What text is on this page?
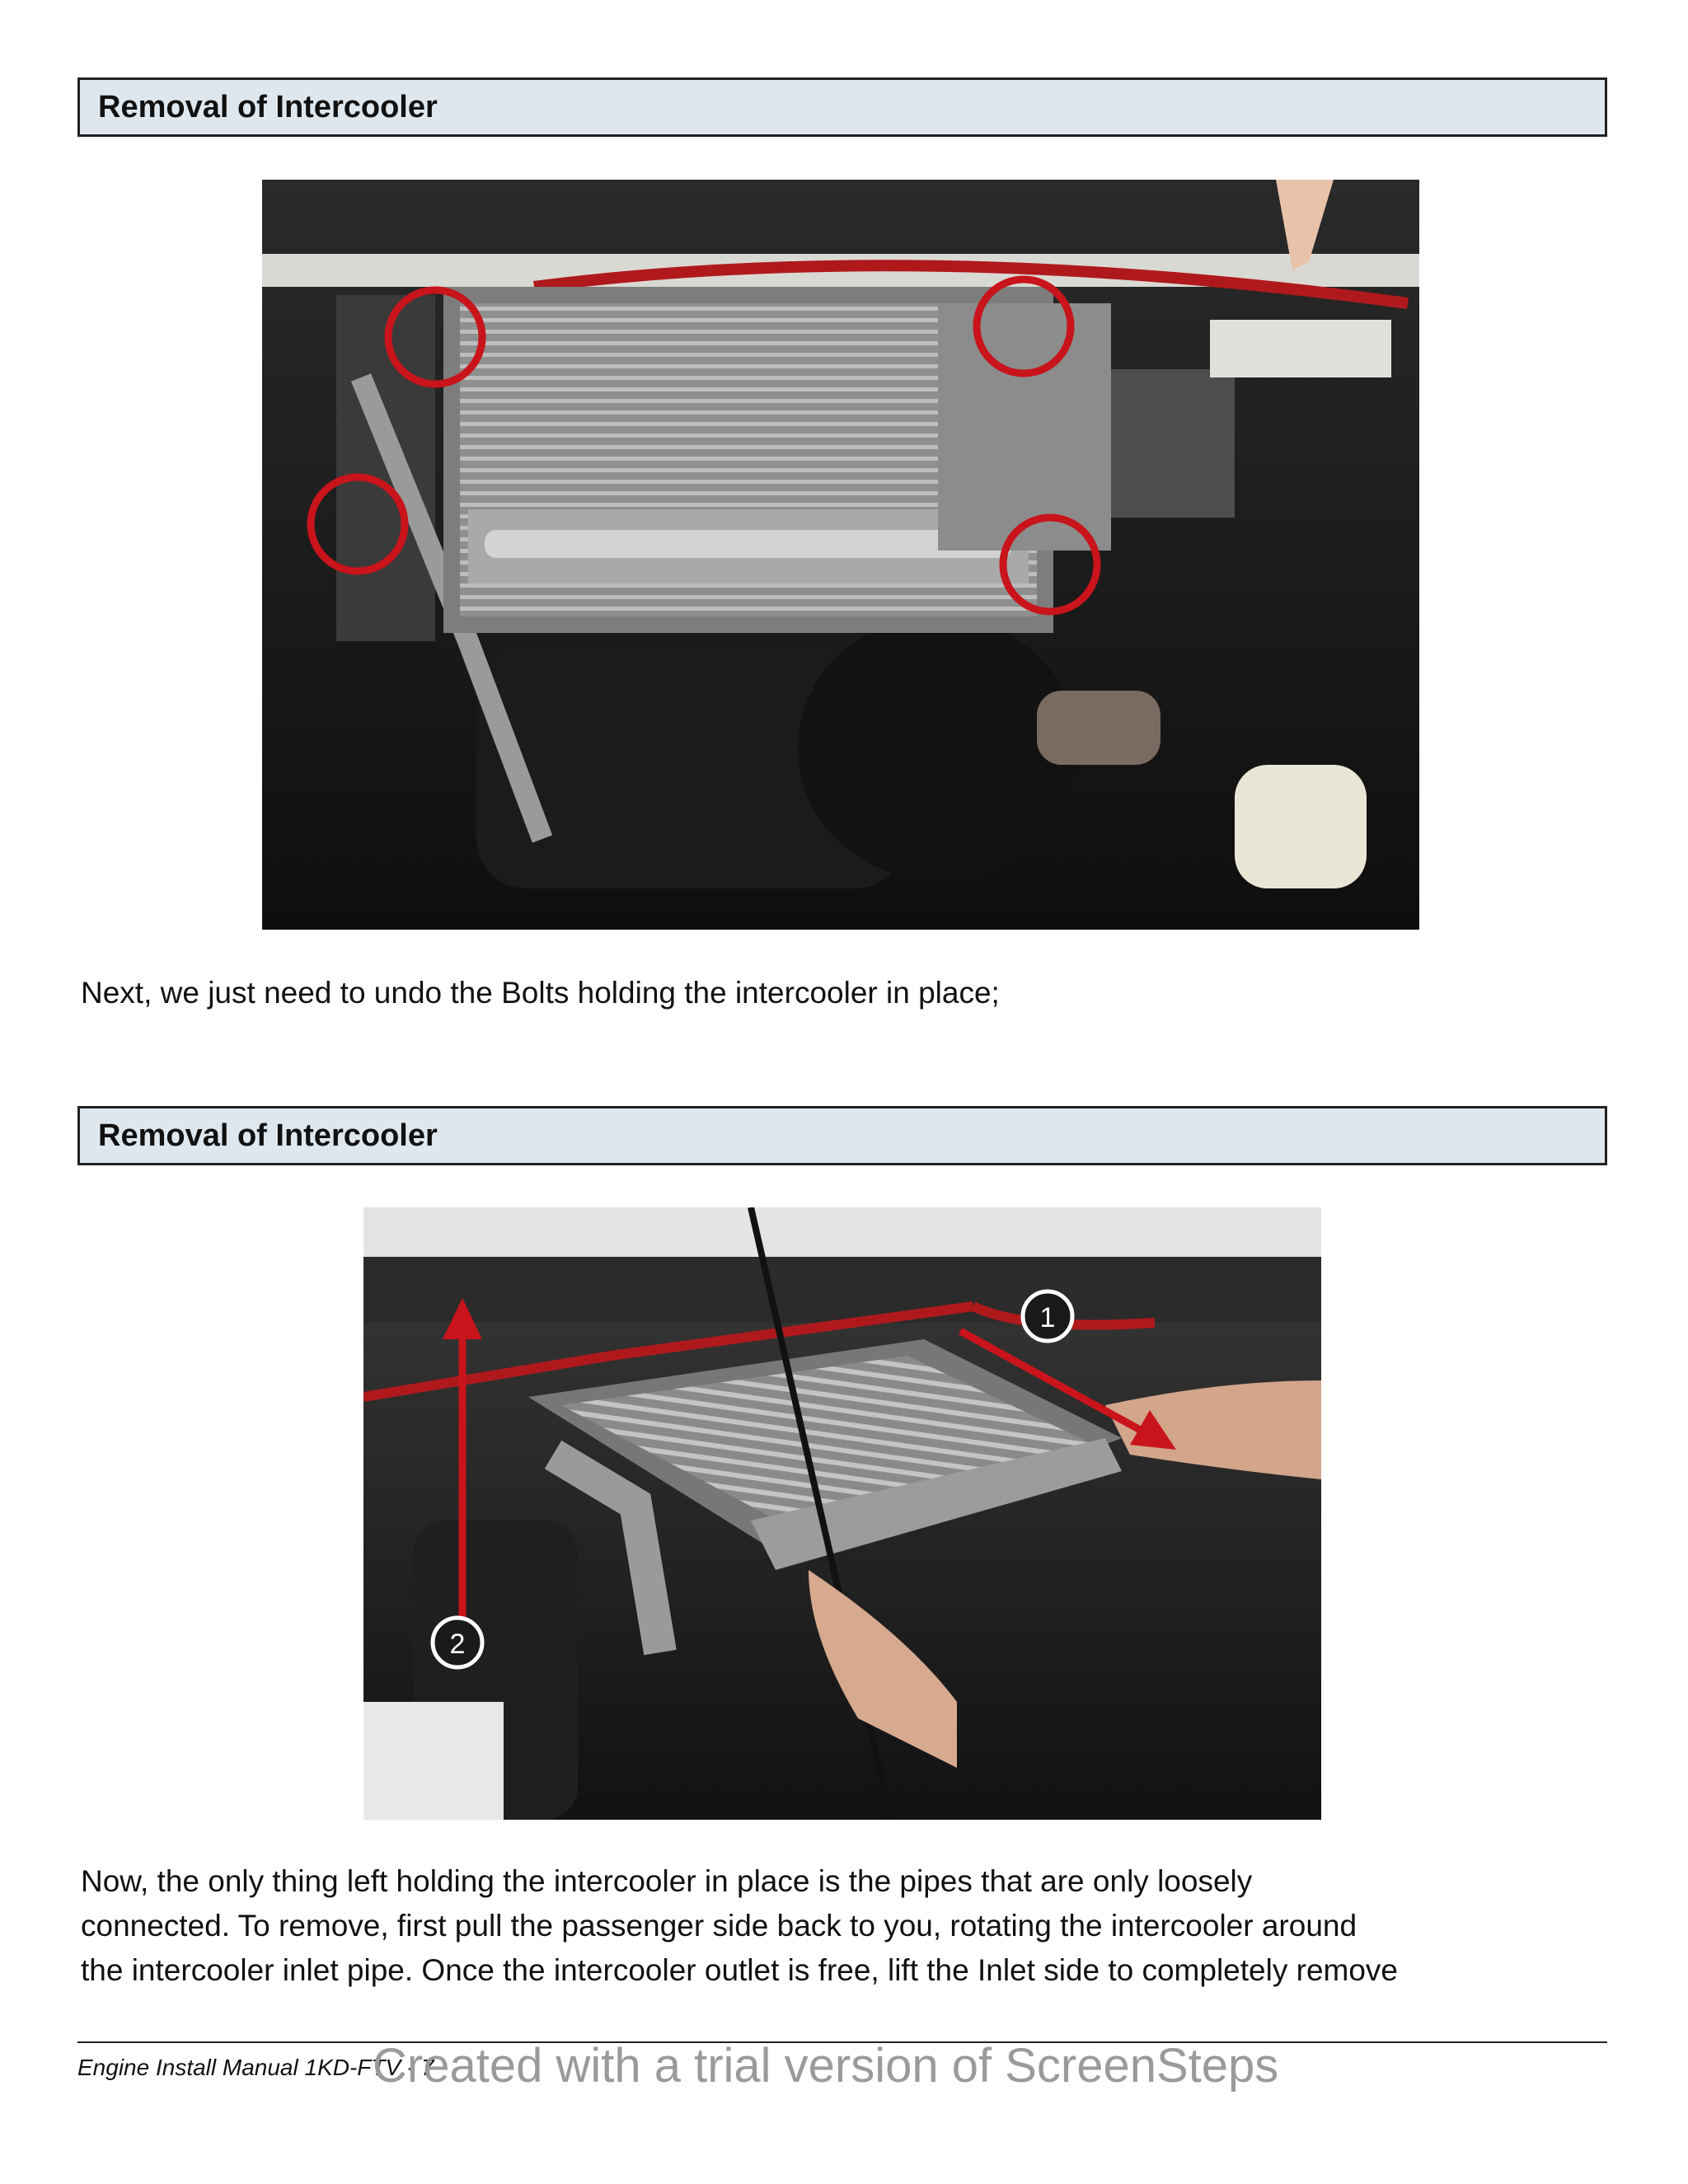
Removal of Intercooler
Next, we just need to undo the Bolts holding the intercooler in place;
Removal of Intercooler
1
2
Now, the only thing left holding the intercooler in place is the pipes that are only loosely
connected. To remove, first pull the passenger side back to you, rotating the intercooler around
the intercooler inlet pipe. Once the intercooler outlet is free, lift the Inlet side to completely remove
Engine Install Manual 1KD-FTV - 7
Created with a trial version of ScreenSteps
